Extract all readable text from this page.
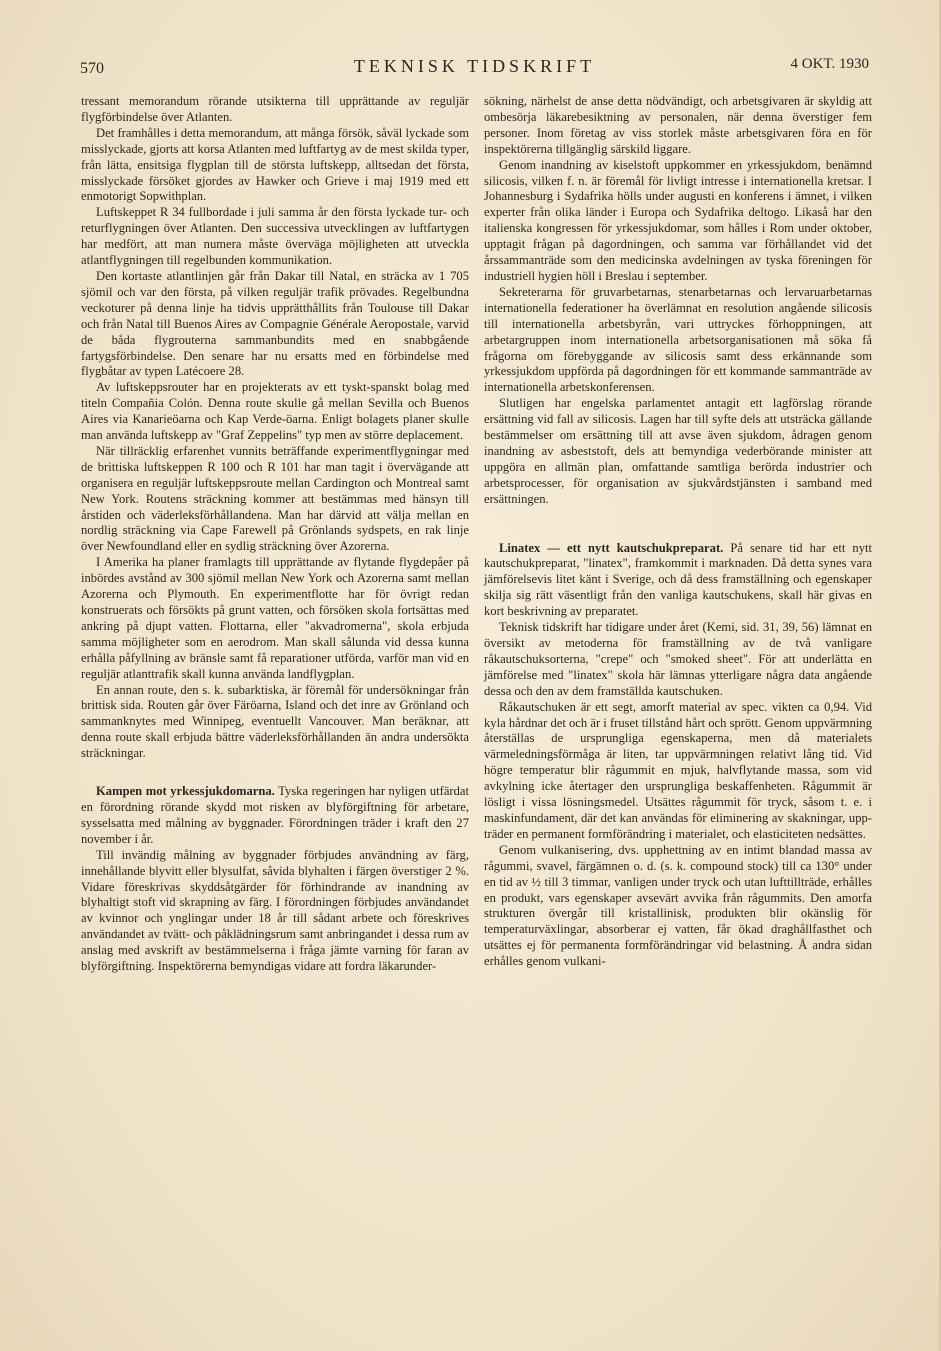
570	TEKNISK TIDSKRIFT	4 OKT. 1930

tressant memorandum rörande utsikterna till upprättande av reguljär flygförbindelse över Atlanten.

Det framhålles i detta memorandum, att många försök, såväl lyckade som misslyckade, gjorts att korsa Atlanten med luftfartyg av de mest skilda typer, från lätta, ensitsiga flygplan till de största luftskepp, alltsedan det första, misslyckade försöket gjordes av Hawker och Grieve i maj 1919 med ett enmotorigt Sopwithplan.

Luftskeppet R 34 fullbordade i juli samma år den första lyckade tur- och returflygningen över Atlanten. Den successiva utvecklingen av luftfartygen har medfört, att man numera måste överväga möjligheten att utveckla atlantflygningen till regelbunden kommunikation.

Den kortaste atlantlinjen går från Dakar till Natal, en sträcka av 1 705 sjömil och var den första, på vilken reguljär trafik prövades. Regelbundna veckoturer på denna linje ha tidvis upprätthållits från Toulouse till Dakar och från Natal till Buenos Aires av Compagnie Générale Aeropostale, varvid de båda flygrouterna sammanbundits med en snabbgående fartygsförbindelse. Den senare har nu ersatts med en förbindelse med flygbåtar av typen Latécoere 28.

Av luftskeppsrouter har en projekterats av ett tyskt-spanskt bolag med titeln Compañia Colón. Denna route skulle gå mellan Sevilla och Buenos Aires via Kanarieöarna och Kap Verde-öarna. Enligt bolagets planer skulle man använda luftskepp av "Graf Zeppelins" typ men av större deplacement.

När tillräcklig erfarenhet vunnits beträffande experimentflygningar med de brittiska luftskeppen R 100 och R 101 har man tagit i övervägande att organisera en reguljär luftskeppsroute mellan Cardington och Montreal samt New York. Routens sträckning kommer att bestämmas med hänsyn till årstiden och väderleksförhållandena. Man har därvid att välja mellan en nordlig sträckning via Cape Farewell på Grönlands sydspets, en rak linje över Newfoundland eller en sydlig sträckning över Azorerna.

I Amerika ha planer framlagts till upprättande av flytande flygdepåer på inbördes avstånd av 300 sjömil mellan New York och Azorerna samt mellan Azorerna och Plymouth. En experimentflotte har för övrigt redan konstruerats och försökts på grunt vatten, och försöken skola fortsättas med ankring på djupt vatten. Flottarna, eller "akvadromerna", skola erbjuda samma möjligheter som en aerodrom. Man skall sålunda vid dessa kunna erhålla påfyllning av bränsle samt få reparationer utförda, varför man vid en reguljär atlanttrafik skall kunna använda landflygplan.

En annan route, den s. k. subarktiska, är föremål för undersökningar från brittisk sida. Routen går över Färöarna, Island och det inre av Grönland och sammanknytes med Winnipeg, eventuellt Vancouver. Man beräknar, att denna route skall erbjuda bättre väderleksförhållanden än andra undersökta sträckningar.

Kampen mot yrkessjukdomarna. Tyska regeringen har nyligen utfärdat en förordning rörande skydd mot risken av blyförgiftning för arbetare, sysselsatta med målning av byggnader. Förordningen träder i kraft den 27 november i år.

Till invändig målning av byggnader förbjudes användning av färg, innehållande blyvitt eller blysulfat, såvida blyhalten i färgen överstiger 2 %. Vidare föreskrivas skyddsåtgärder för förhindrande av inandning av blyhaltigt stoft vid skrapning av färg. I förordningen förbjudes användandet av kvinnor och ynglingar under 18 år till sådant arbete och föreskrives användandet av tvätt- och påklädningsrum samt anbringandet i dessa rum av anslag med avskrift av bestämmelserna i fråga jämte varning för faran av blyförgiftning. Inspektörerna bemyndigas vidare att fordra läkarunder-

sökning, närhelst de anse detta nödvändigt, och arbetsgivaren är skyldig att ombesörja läkarebesiktning av personalen, när denna överstiger fem personer. Inom företag av viss storlek måste arbetsgivaren föra en för inspektörerna tillgänglig särskild liggare.

Genom inandning av kiselstoft uppkommer en yrkessjukdom, benämnd silicosis, vilken f. n. är föremål för livligt intresse i internationella kretsar. I Johannesburg i Sydafrika hölls under augusti en konferens i ämnet, i vilken experter från olika länder i Europa och Sydafrika deltogo. Likaså har den italienska kongressen för yrkessjukdomar, som hålles i Rom under oktober, upptagit frågan på dagordningen, och samma var förhållandet vid det årssammanträde som den medicinska avdelningen av tyska föreningen för industriell hygien höll i Breslau i september.

Sekreterarna för gruvarbetarnas, stenarbetarnas och lervaruarbetarnas internationella federationer ha överlämnat en resolution angående silicosis till internationella arbetsbyrån, vari uttryckes förhoppningen, att arbetargruppen inom internationella arbetsorganisationen må söka få frågorna om förebyggande av silicosis samt dess erkännande som yrkessjukdom uppförda på dagordningen för ett kommande sammanträde av internationella arbetskonferensen.

Slutligen har engelska parlamentet antagit ett lagförslag rörande ersättning vid fall av silicosis. Lagen har till syfte dels att utsträcka gällande bestämmelser om ersättning till att avse även sjukdom, ådragen genom inandning av asbeststoft, dels att bemyndiga vederbörande minister att uppgöra en allmän plan, omfattande samtliga berörda industrier och arbetsprocesser, för organisation av sjukvårdstjänsten i samband med ersättningen.

Linatex — ett nytt kautschukpreparat. På senare tid har ett nytt kautschukpreparat, "linatex", framkommit i marknaden. Då detta synes vara jämförelsevis litet känt i Sverige, och då dess framställning och egenskaper skilja sig rätt väsentligt från den vanliga kautschukens, skall här givas en kort beskrivning av preparatet.

Teknisk tidskrift har tidigare under året (Kemi, sid. 31, 39, 56) lämnat en översikt av metoderna för framställning av de två vanligare råkautschuksorterna, "crepe" och "smoked sheet". För att underlätta en jämförelse med "linatex" skola här lämnas ytterligare några data angående dessa och den av dem framställda kautschuken.

Råkautschuken är ett segt, amorft material av spec. vikten ca 0,94. Vid kyla hårdnar det och är i fruset tillstånd hårt och sprött. Genom uppvärmning återställas de ursprungliga egenskaperna, men då materialets värmeledningsförmåga är liten, tar uppvärmningen relativt lång tid. Vid högre temperatur blir rågummit en mjuk, halvflytande massa, som vid avkylning icke återtager den ursprungliga beskaffenheten. Rågummit är lösligt i vissa lösningsmedel. Utsättes rågummit för tryck, såsom t. e. i maskinfundament, där det kan användas för eliminering av skakningar, upp-träder en permanent formförändring i materialet, och elasticiteten nedsättes.

Genom vulkanisering, dvs. upphettning av en intimt blandad massa av rågummi, svavel, färgämnen o. d. (s. k. compound stock) till ca 130° under en tid av ½ till 3 timmar, vanligen under tryck och utan lufttillträde, erhålles en produkt, vars egenskaper avsevärt avvika från rågummits. Den amorfa strukturen övergår till kristallinisk, produkten blir okänslig för temperaturväxlingar, absorberar ej vatten, får ökad draghållfasthet och utsättes ej för permanenta formförändringar vid belastning. Å andra sidan erhålles genom vulkani-
